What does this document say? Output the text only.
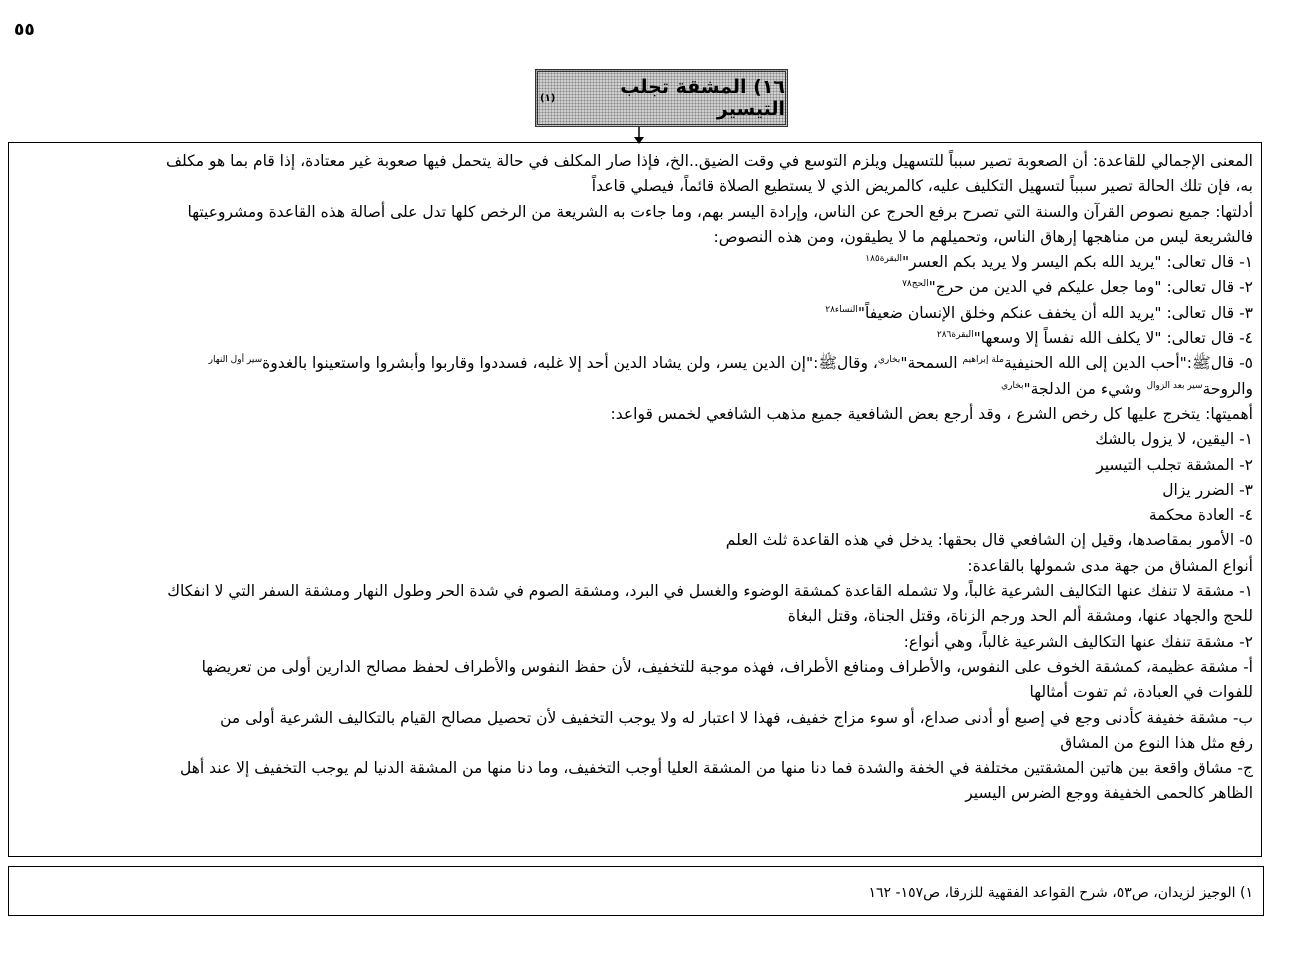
٥٥
١٦) المشقة تجلب التيسير
(١)
المعنى الإجمالي للقاعدة: أن الصعوبة تصير سبباً للتسهيل ويلزم التوسع في وقت الضيق..الخ، فإذا صار المكلف في حالة يتحمل فيها صعوبة غير معتادة، إذا قام بما هو مكلف
به، فإن تلك الحالة تصير سبباً لتسهيل التكليف عليه، كالمريض الذي لا يستطيع الصلاة قائماً، فيصلي قاعداً
أدلتها: جميع نصوص القرآن والسنة التي تصرح برفع الحرج عن الناس، وإرادة اليسر بهم، وما جاءت به الشريعة من الرخص كلها تدل على أصالة هذه القاعدة ومشروعيتها
فالشريعة ليس من مناهجها إرهاق الناس، وتحميلهم ما لا يطيقون، ومن هذه النصوص:
١- قال تعالى: "يريد الله بكم اليسر ولا يريد بكم العسر"$^{البقرة١٨٥}$
٢- قال تعالى: "وما جعل عليكم في الدين من حرج"$^{الحج٧٨}$
٣- قال تعالى: "يريد الله أن يخفف عنكم وخلق الإنسان ضعيفاً"$^{النساء٢٨}$
٤- قال تعالى: "لا يكلف الله نفساً إلا وسعها"$^{البقرة٢٨٦}$
٥- قالﷺ:"أحب الدين إلى الله الحنيفية$^{ملة إبراهيم}$ السمحة"$^{بخاري}$، وقالﷺ:"إن الدين يسر، ولن يشاد الدين أحد إلا غلبه، فسددوا وقاربوا وأبشروا واستعينوا بالغدوة$^{سير أول النهار}$
والروحة$^{سير بعد الزوال}$ وشيء من الدلجة"$^{بخاري}$
أهميتها: يتخرج عليها كل رخص الشرع ، وقد أرجع بعض الشافعية جميع مذهب الشافعي لخمس قواعد:
١- اليقين، لا يزول بالشك
٢- المشقة تجلب التيسير
٣- الضرر يزال
٤- العادة محكمة
٥- الأمور بمقاصدها، وقيل إن الشافعي قال بحقها: يدخل في هذه القاعدة ثلث العلم
أنواع المشاق من جهة مدى شمولها بالقاعدة:
١- مشقة لا تنفك عنها التكاليف الشرعية غالباً، ولا تشمله القاعدة كمشقة الوضوء والغسل في البرد، ومشقة الصوم في شدة الحر وطول النهار ومشقة السفر التي لا انفكاك
للحج والجهاد عنها، ومشقة ألم الحد ورجم الزناة، وقتل الجناة، وقتل البغاة
٢- مشقة تنفك عنها التكاليف الشرعية غالباً، وهي أنواع:
أ- مشقة عظيمة، كمشقة الخوف على النفوس، والأطراف ومنافع الأطراف، فهذه موجبة للتخفيف، لأن حفظ النفوس والأطراف لحفظ مصالح الدارين أولى من تعريضها
للفوات في العبادة، ثم تفوت أمثالها
ب- مشقة خفيفة كأدنى وجع في إصبع أو أدنى صداع، أو سوء مزاج خفيف، فهذا لا اعتبار له ولا يوجب التخفيف لأن تحصيل مصالح القيام بالتكاليف الشرعية أولى من
رفع مثل هذا النوع من المشاق
ج- مشاق واقعة بين هاتين المشقتين مختلفة في الخفة والشدة فما دنا منها من المشقة العليا أوجب التخفيف، وما دنا منها من المشقة الدنيا لم يوجب التخفيف إلا عند أهل
الظاهر كالحمى الخفيفة ووجع الضرس اليسير
١) الوجيز لزيدان، ص٥٣، شرح القواعد الفقهية للزرقا، ص١٥٧- ١٦٢
